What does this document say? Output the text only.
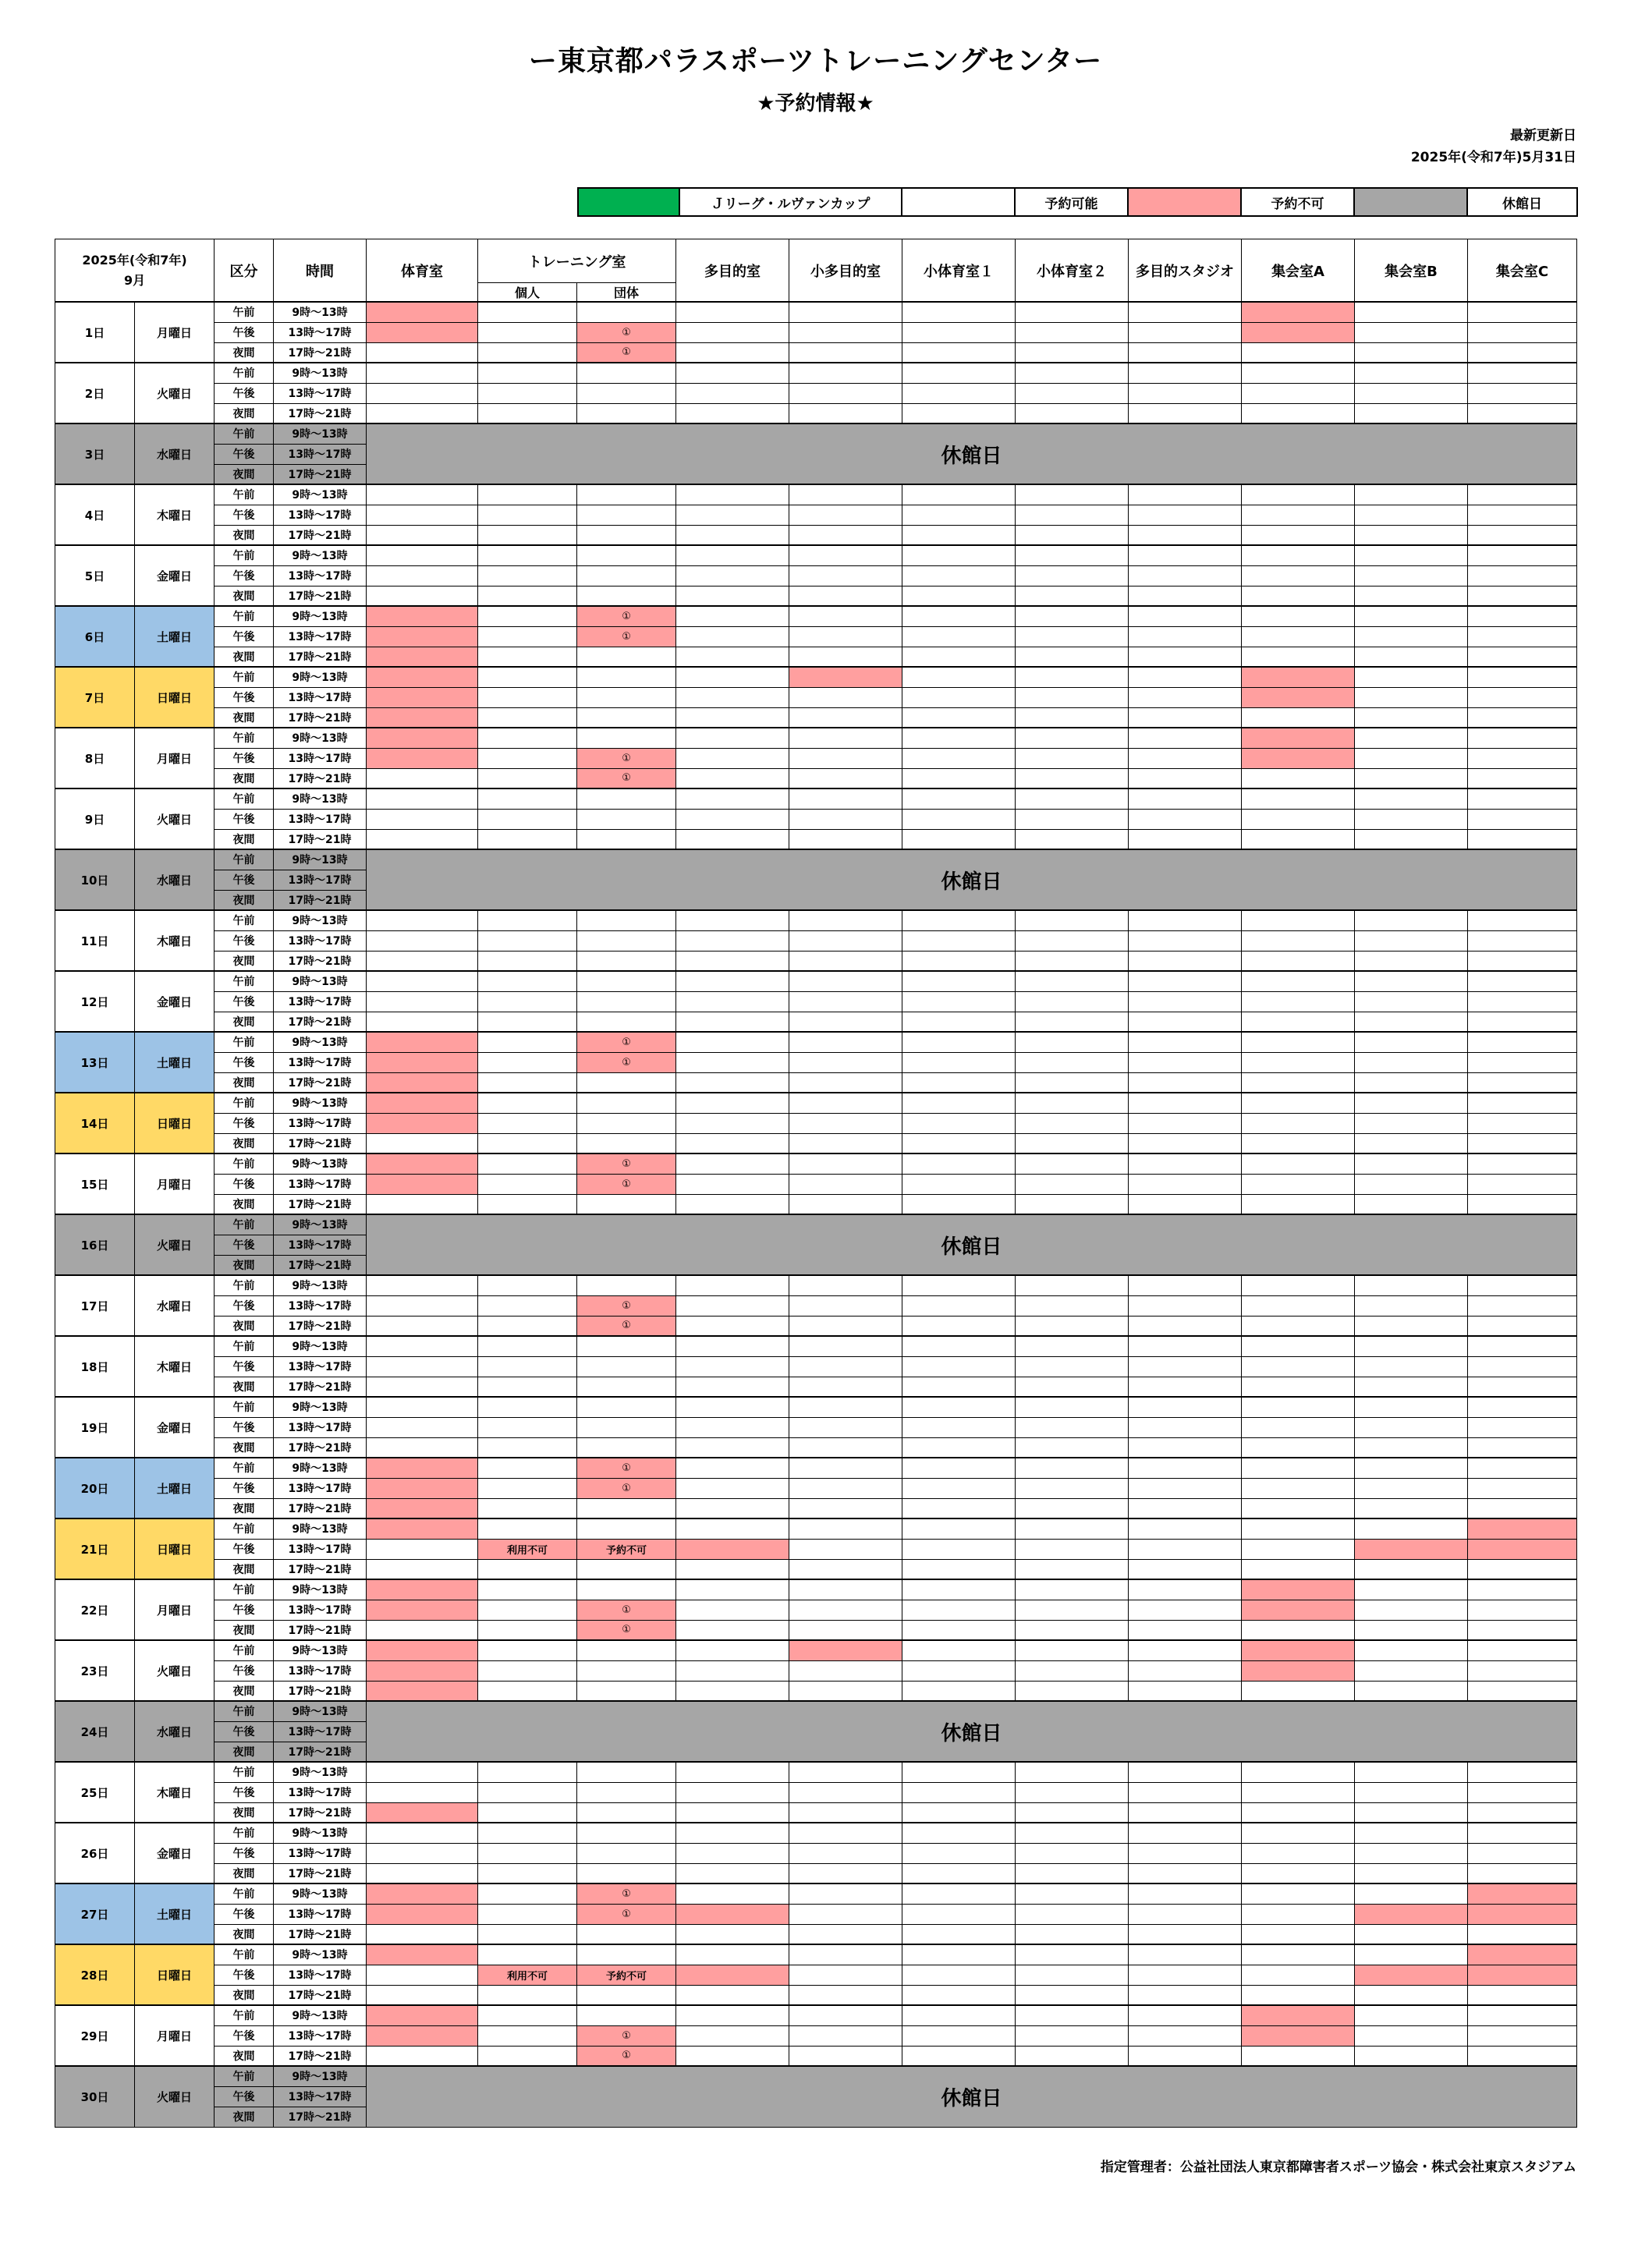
ー東京都パラスポーツトレーニングセンター
★予約情報★
最新更新日
2025年(令和7年)5月31日
	Ｊリーグ・ルヴァンカップ		予約可能		予約不可		休館日
2025年(令和7年)
9月		区分	時間	体育室	トレーニング室		多目的室	小多目的室	小体育室１	小体育室２	多目的スタジオ	集会室A	集会室B	集会室C
					個人	団体								
1日	月曜日	午前	9時～13時											
		午後	13時～17時			①								
		夜間	17時～21時			①								
2日	火曜日	午前	9時～13時											
		午後	13時～17時											
		夜間	17時～21時											
3日	水曜日	午前	9時～13時	休館日										
		午後	13時～17時											
		夜間	17時～21時											
4日	木曜日	午前	9時～13時											
		午後	13時～17時											
		夜間	17時～21時											
5日	金曜日	午前	9時～13時											
		午後	13時～17時											
		夜間	17時～21時											
6日	土曜日	午前	9時～13時			①								
		午後	13時～17時			①								
		夜間	17時～21時											
7日	日曜日	午前	9時～13時											
		午後	13時～17時											
		夜間	17時～21時											
8日	月曜日	午前	9時～13時											
		午後	13時～17時			①								
		夜間	17時～21時			①								
9日	火曜日	午前	9時～13時											
		午後	13時～17時											
		夜間	17時～21時											
10日	水曜日	午前	9時～13時	休館日										
		午後	13時～17時											
		夜間	17時～21時											
11日	木曜日	午前	9時～13時											
		午後	13時～17時											
		夜間	17時～21時											
12日	金曜日	午前	9時～13時											
		午後	13時～17時											
		夜間	17時～21時											
13日	土曜日	午前	9時～13時			①								
		午後	13時～17時			①								
		夜間	17時～21時											
14日	日曜日	午前	9時～13時											
		午後	13時～17時											
		夜間	17時～21時											
15日	月曜日	午前	9時～13時			①								
		午後	13時～17時			①								
		夜間	17時～21時											
16日	火曜日	午前	9時～13時	休館日										
		午後	13時～17時											
		夜間	17時～21時											
17日	水曜日	午前	9時～13時											
		午後	13時～17時			①								
		夜間	17時～21時			①								
18日	木曜日	午前	9時～13時											
		午後	13時～17時											
		夜間	17時～21時											
19日	金曜日	午前	9時～13時											
		午後	13時～17時											
		夜間	17時～21時											
20日	土曜日	午前	9時～13時			①								
		午後	13時～17時			①								
		夜間	17時～21時											
21日	日曜日	午前	9時～13時											
		午後	13時～17時		利用不可	予約不可								
		夜間	17時～21時											
22日	月曜日	午前	9時～13時											
		午後	13時～17時			①								
		夜間	17時～21時			①								
23日	火曜日	午前	9時～13時											
		午後	13時～17時											
		夜間	17時～21時											
24日	水曜日	午前	9時～13時	休館日										
		午後	13時～17時											
		夜間	17時～21時											
25日	木曜日	午前	9時～13時											
		午後	13時～17時											
		夜間	17時～21時											
26日	金曜日	午前	9時～13時											
		午後	13時～17時											
		夜間	17時～21時											
27日	土曜日	午前	9時～13時			①								
		午後	13時～17時			①								
		夜間	17時～21時											
28日	日曜日	午前	9時～13時											
		午後	13時～17時		利用不可	予約不可								
		夜間	17時～21時											
29日	月曜日	午前	9時～13時											
		午後	13時～17時			①								
		夜間	17時～21時			①								
30日	火曜日	午前	9時～13時	休館日										
		午後	13時～17時											
		夜間	17時～21時											
指定管理者：公益社団法人東京都障害者スポーツ協会・株式会社東京スタジアム
